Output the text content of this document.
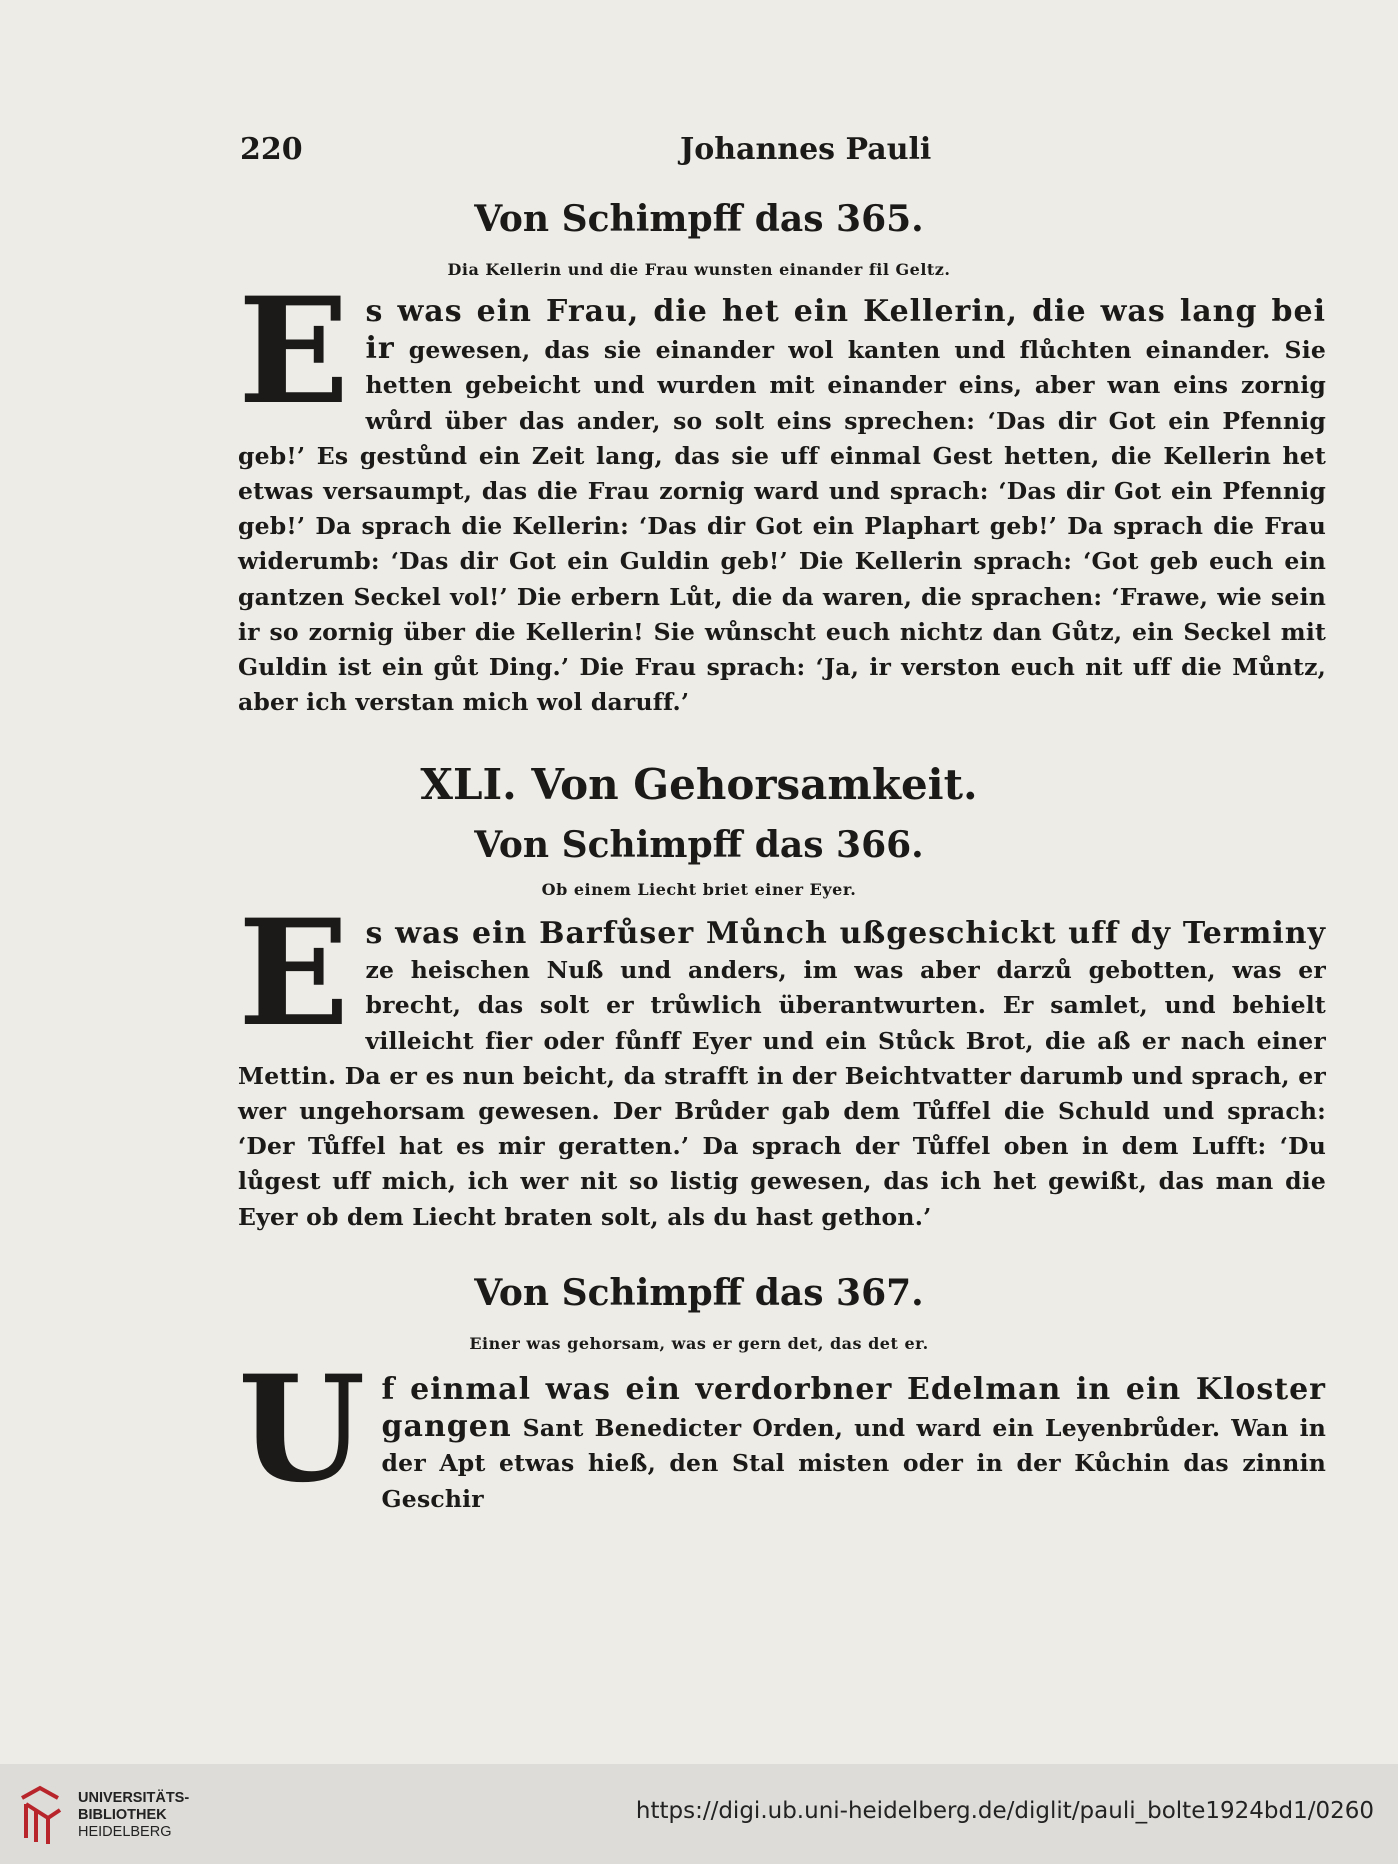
220	Johannes Pauli
Von Schimpff das 365.
Dia Kellerin und die Frau wunsten einander fil Geltz.

E s was ein Frau, die het ein Kellerin, die was lang bei ir gewesen, das sie einander wol kanten und flůchten einander. Sie hetten gebeicht und wurden mit einander eins, aber wan eins zornig wůrd über das ander, so solt eins sprechen: ‘Das dir Got ein Pfennig geb!’ Es gestůnd ein Zeit lang, das sie uff einmal Gest hetten, die Kellerin het etwas versaumpt, das die Frau zornig ward und sprach: ‘Das dir Got ein Pfennig geb!’ Da sprach die Kellerin: ‘Das dir Got ein Plaphart geb!’ Da sprach die Frau widerumb: ‘Das dir Got ein Guldin geb!’ Die Kellerin sprach: ‘Got geb euch ein gantzen Seckel vol!’ Die erbern Lůt, die da waren, die sprachen: ‘Frawe, wie sein ir so zornig über die Kellerin! Sie wůnscht euch nichtz dan Gůtz, ein Seckel mit Guldin ist ein gůt Ding.’ Die Frau sprach: ‘Ja, ir verston euch nit uff die Můntz, aber ich verstan mich wol daruff.’

XLI. Von Gehorsamkeit.
Von Schimpff das 366.
Ob einem Liecht briet einer Eyer.

E s was ein Barfůser Můnch ußgeschickt uff dy Terminy ze heischen Nuß und anders, im was aber darzů gebotten, was er brecht, das solt er trůwlich überantwurten. Er samlet, und behielt villeicht fier oder fůnff Eyer und ein Stůck Brot, die aß er nach einer Mettin. Da er es nun beicht, da strafft in der Beichtvatter darumb und sprach, er wer ungehorsam gewesen. Der Brůder gab dem Tůffel die Schuld und sprach: ‘Der Tůffel hat es mir geratten.’ Da sprach der Tůffel oben in dem Lufft: ‘Du lůgest uff mich, ich wer nit so listig gewesen, das ich het gewißt, das man die Eyer ob dem Liecht braten solt, als du hast gethon.’

Von Schimpff das 367.
Einer was gehorsam, was er gern det, das det er.

U f einmal was ein verdorbner Edelman in ein Kloster gangen Sant Benedicter Orden, und ward ein Leyenbrůder. Wan in der Apt etwas hieß, den Stal misten oder in der Kůchin das zinnin Geschir

UNIVERSITÄTS-
BIBLIOTHEK
HEIDELBERG
https://digi.ub.uni-heidelberg.de/diglit/pauli_bolte1924bd1/0260
